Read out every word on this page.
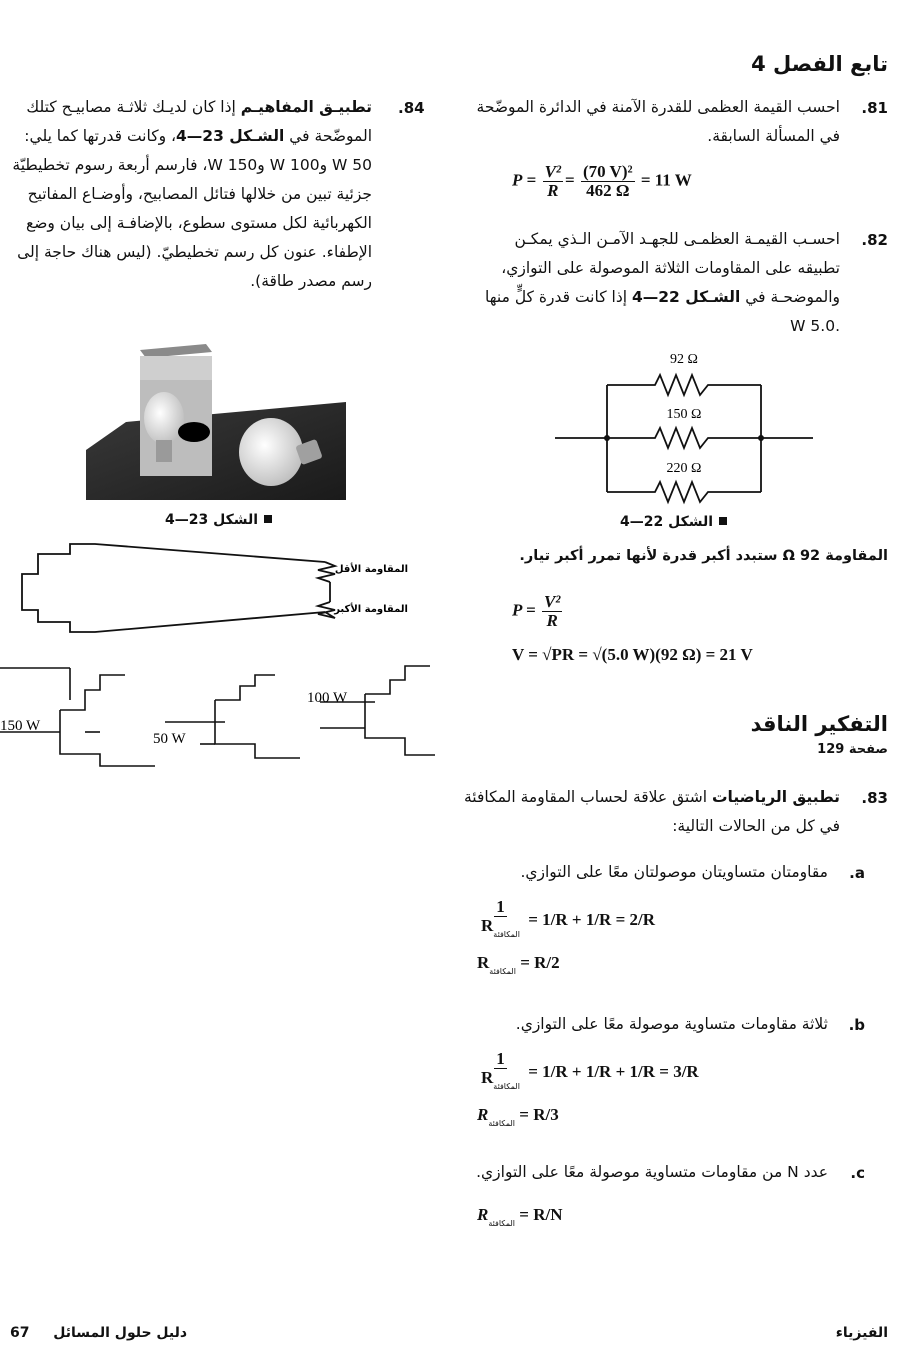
تابع الفصل 4
.81
احسب القيمة العظمى للقدرة الآمنة في الدائرة الموضّحة
في المسألة السابقة.
$P = \frac{\text{V²}}{R} = \frac{\text{(70 V)²}}{462 \Omega} = 11$ W
.82
احسـب القيمـة العظمـى للجهـد الآمـن الـذي يمكـن
تطبيقه على المقاومات الثلاثة الموصولة على التوازي،
والموضحـة في الشـكل 22—4 إذا كانت قدرة كلٍّ منها
.5.0 W
92 Ω
150 Ω
220 Ω
الشكل 22—4
المقاومة Ω 92 ستبدد أكبر قدرة لأنها تمرر أكبر تيار.
$P = \frac{\text{V²}}{R}$
V = √PR = √(5.0 W)(92 Ω) = 21 V
التفكير الناقد
صفحة 129
.83
تطبيق الرياضيات اشتق علاقة لحساب المقاومة المكافئة
في كل من الحالات التالية:
.a
مقاومتان متساويتان موصولتان معًا على التوازي.
$\frac{1}{R_{المكافئة}} = 1/R + 1/R = 2/R$
$R_{المكافئة} = R/2$
.b
ثلاثة مقاومات متساوية موصولة معًا على التوازي.
$\frac{1}{R_{المكافئة}} = 1/R + 1/R + 1/R = 3/R$
$R_{المكافئة} = R/3$
.c
عدد N من مقاومات متساوية موصولة معًا على التوازي.
$R_{المكافئة} = R/N$
.84
تطبيـق المفاهيـم إذا كان لديـك ثلاثـة مصابيـح كتلك
الموضّحة في الشـكل 23—4، وكانت قدرتها كما يلي:
50 W و100 W و150 W، فارسم أربعة رسوم تخطيطيّة
جزئية تبين من خلالها فتائل المصابيح، وأوضـاع المفاتيح
الكهربائية لكل مستوى سطوع، بالإضافـة إلى بيان وضع
الإطفاء. عنون كل رسم تخطيطيّ. (ليس هناك حاجة إلى
رسم مصدر طاقة).
الشكل 23—4
المقاومة الأقل
المقاومة الأكبر
150 W
50 W
100 W
67 دليل حلول المسائل	الفيزياء
